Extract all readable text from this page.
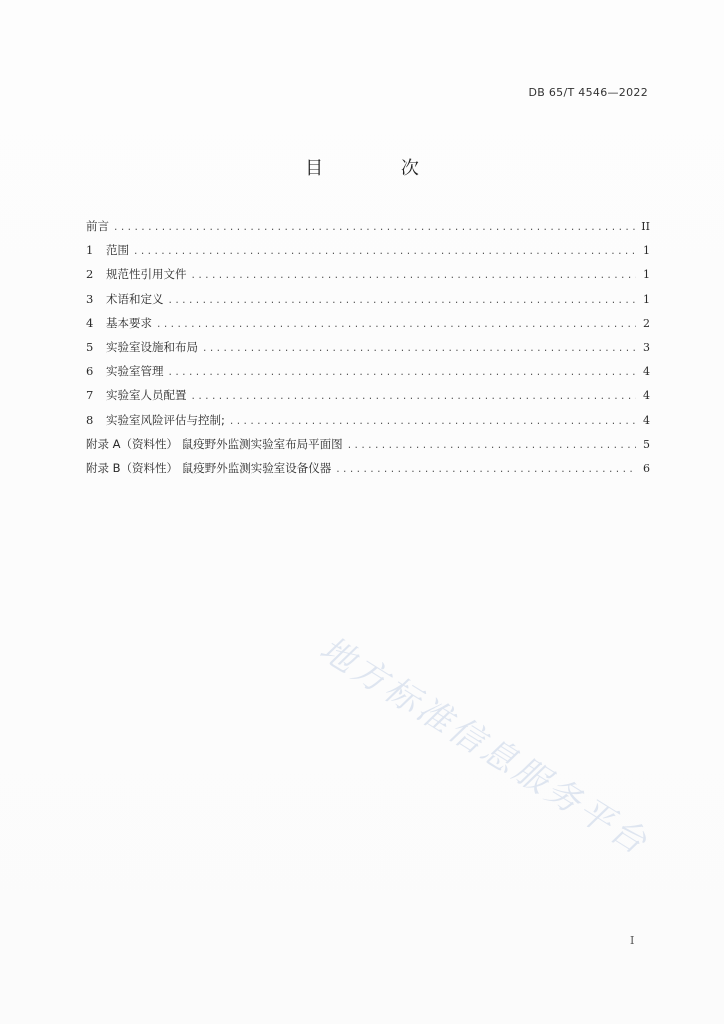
DB 65/T 4546—2022
目 次
前言 .....	II
1	范围 .....	1
2	规范性引用文件 .....	1
3	术语和定义 .....	1
4	基本要求 .....	2
5	实验室设施和布局 .....	3
6	实验室管理 .....	4
7	实验室人员配置 .....	4
8	实验室风险评估与控制; .....	4
附录 A（资料性） 鼠疫野外监测实验室布局平面图 .....	5
附录 B（资料性） 鼠疫野外监测实验室设备仪器 .....	6
地方标准信息服务平台
I
